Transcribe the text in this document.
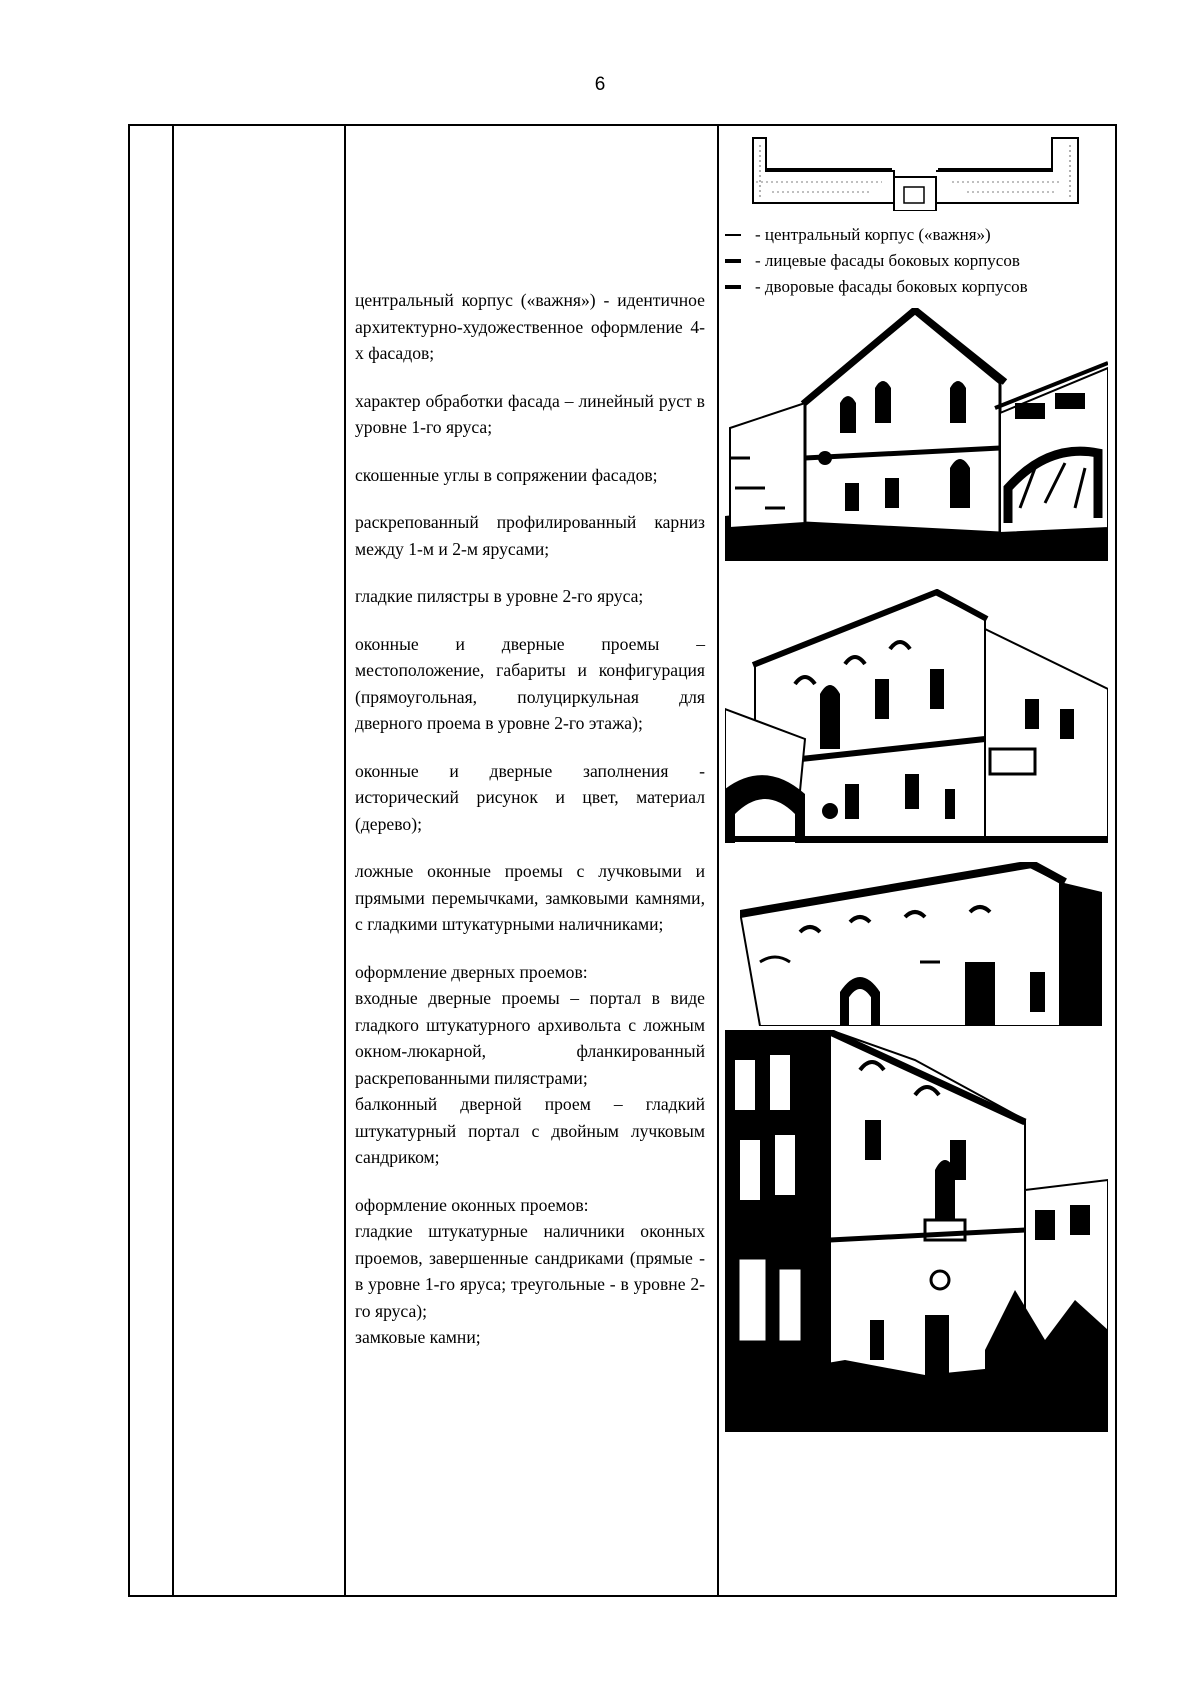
6
- центральный корпус («важня»)
- лицевые фасады боковых корпусов
- дворовые фасады боковых корпусов

центральный корпус («важня») - идентичное архитектурно-художественное оформление 4-х фасадов;

характер обработки фасада – линейный руст в уровне 1-го яруса;

скошенные углы в сопряжении фасадов;

раскрепованный профилированный карниз между 1-м и 2-м ярусами;

гладкие пилястры в уровне 2-го яруса;

оконные и дверные проемы – местоположение, габариты и конфигурация (прямоугольная, полуциркульная для дверного проема в уровне 2-го этажа);

оконные и дверные заполнения - исторический рисунок и цвет, материал (дерево);

ложные оконные проемы с лучковыми и прямыми перемычками, замковыми камнями, с гладкими штукатурными наличниками;

оформление дверных проемов:

входные дверные проемы – портал в виде гладкого штукатурного архивольта с ложным окном-люкарной, фланкированный раскрепованными пилястрами;

балконный дверной проем – гладкий штукатурный портал с двойным лучковым сандриком;

оформление оконных проемов:

гладкие штукатурные наличники оконных проемов, завершенные сандриками (прямые - в уровне 1-го яруса; треугольные - в уровне 2-го яруса);

замковые камни;
